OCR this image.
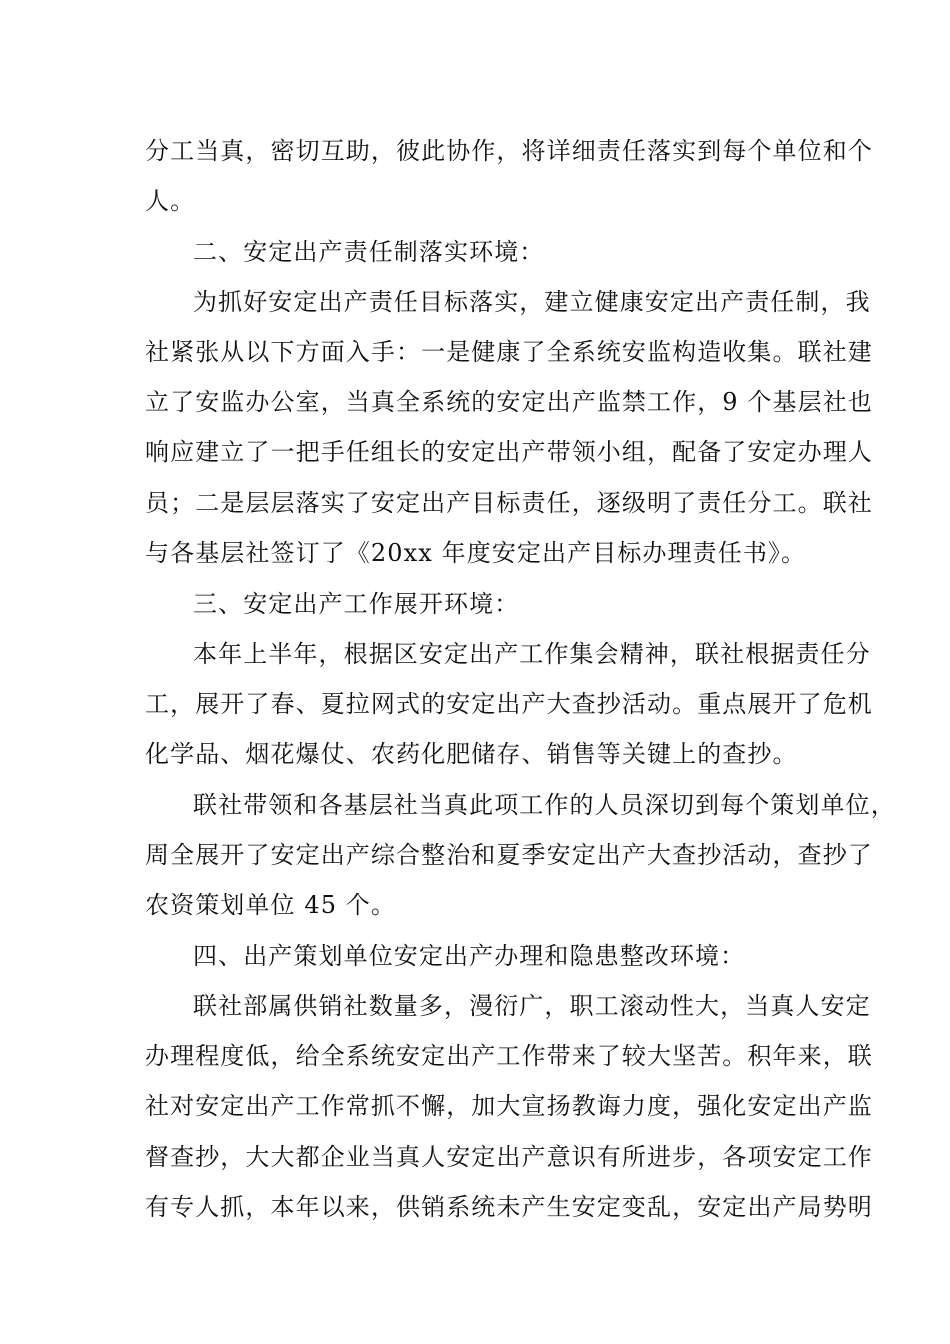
分工当真，密切互助，彼此协作，将详细责任落实到每个单位和个
人。
二、安定出产责任制落实环境：
为抓好安定出产责任目标落实，建立健康安定出产责任制，我
社紧张从以下方面入手：一是健康了全系统安监构造收集。联社建
立了安监办公室，当真全系统的安定出产监禁工作，9 个基层社也
响应建立了一把手任组长的安定出产带领小组，配备了安定办理人
员；二是层层落实了安定出产目标责任，逐级明了责任分工。联社
与各基层社签订了《20xx 年度安定出产目标办理责任书》。
三、安定出产工作展开环境：
本年上半年，根据区安定出产工作集会精神，联社根据责任分
工，展开了春、夏拉网式的安定出产大查抄活动。重点展开了危机
化学品、烟花爆仗、农药化肥储存、销售等关键上的查抄。
联社带领和各基层社当真此项工作的人员深切到每个策划单位，
周全展开了安定出产综合整治和夏季安定出产大查抄活动，查抄了
农资策划单位 45 个。
四、出产策划单位安定出产办理和隐患整改环境：
联社部属供销社数量多，漫衍广，职工滚动性大，当真人安定
办理程度低，给全系统安定出产工作带来了较大坚苦。积年来，联
社对安定出产工作常抓不懈，加大宣扬教诲力度，强化安定出产监
督查抄，大大都企业当真人安定出产意识有所进步，各项安定工作
有专人抓，本年以来，供销系统未产生安定变乱，安定出产局势明
